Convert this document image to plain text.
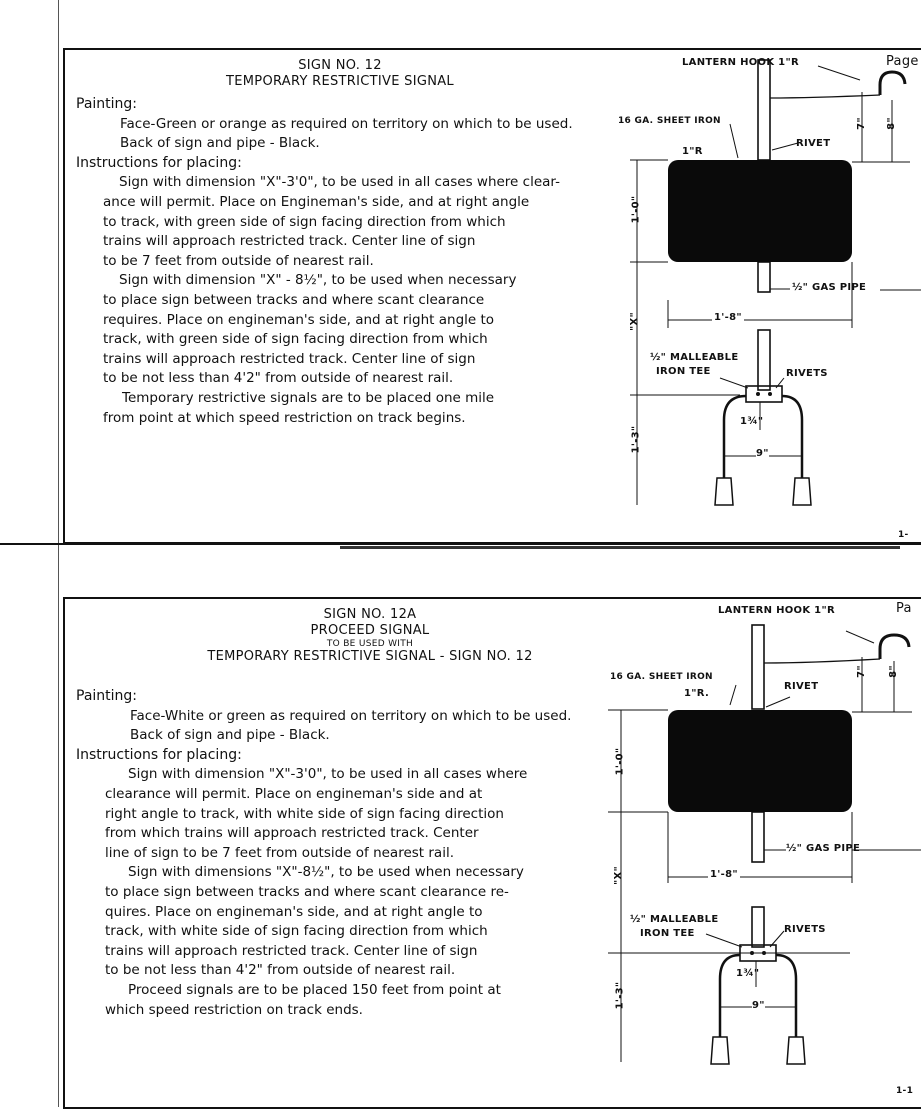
SIGN NO. 12
TEMPORARY RESTRICTIVE SIGNAL
Painting:
Face-Green or orange as required on territory on which to be used.
Back of sign and pipe - Black.
Instructions for placing:
Sign with dimension "X"-3'0", to be used in all cases where clear-
ance will permit. Place on Engineman's side, and at right angle
to track, with green side of sign facing direction from which
trains will approach restricted track. Center line of sign
to be 7 feet from outside of nearest rail.
Sign with dimension "X" - 8½", to be used when necessary
to place sign between tracks and where scant clearance
requires. Place on engineman's side, and at right angle to
track, with green side of sign facing direction from which
trains will approach restricted track. Center line of sign
to be not less than 4'2" from outside of nearest rail.
Temporary restrictive signals are to be placed one mile
from point at which speed restriction on track begins.
LANTERN HOOK 1"R	Page
16 GA. SHEET IRON
1"R
RIVET
½" GAS PIPE
1'-8"
½" MALLEABLE
IRON TEE	RIVETS
1¾"
9"
1'-0"
"X"
1'-3"
7" 8"
1-
SIGN NO. 12A
PROCEED SIGNAL
TO BE USED WITH
TEMPORARY RESTRICTIVE SIGNAL - SIGN NO. 12
Painting:
Face-White or green as required on territory on which to be used.
Back of sign and pipe - Black.
Instructions for placing:
Sign with dimension "X"-3'0", to be used in all cases where
clearance will permit. Place on engineman's side and at
right angle to track, with white side of sign facing direction
from which trains will approach restricted track. Center
line of sign to be 7 feet from outside of nearest rail.
Sign with dimensions "X"-8½", to be used when necessary
to place sign between tracks and where scant clearance re-
quires. Place on engineman's side, and at right angle to
track, with white side of sign facing direction from which
trains will approach restricted track. Center line of sign
to be not less than 4'2" from outside of nearest rail.
Proceed signals are to be placed 150 feet from point at
which speed restriction on track ends.
LANTERN HOOK 1"R	Pa
16 GA. SHEET IRON
1"R.
RIVET
½" GAS PIPE
1'-8"
½" MALLEABLE
IRON TEE	RIVETS
1¾"
9"
1'-0"
"X"
1'-3"
7" 8"
1-1
